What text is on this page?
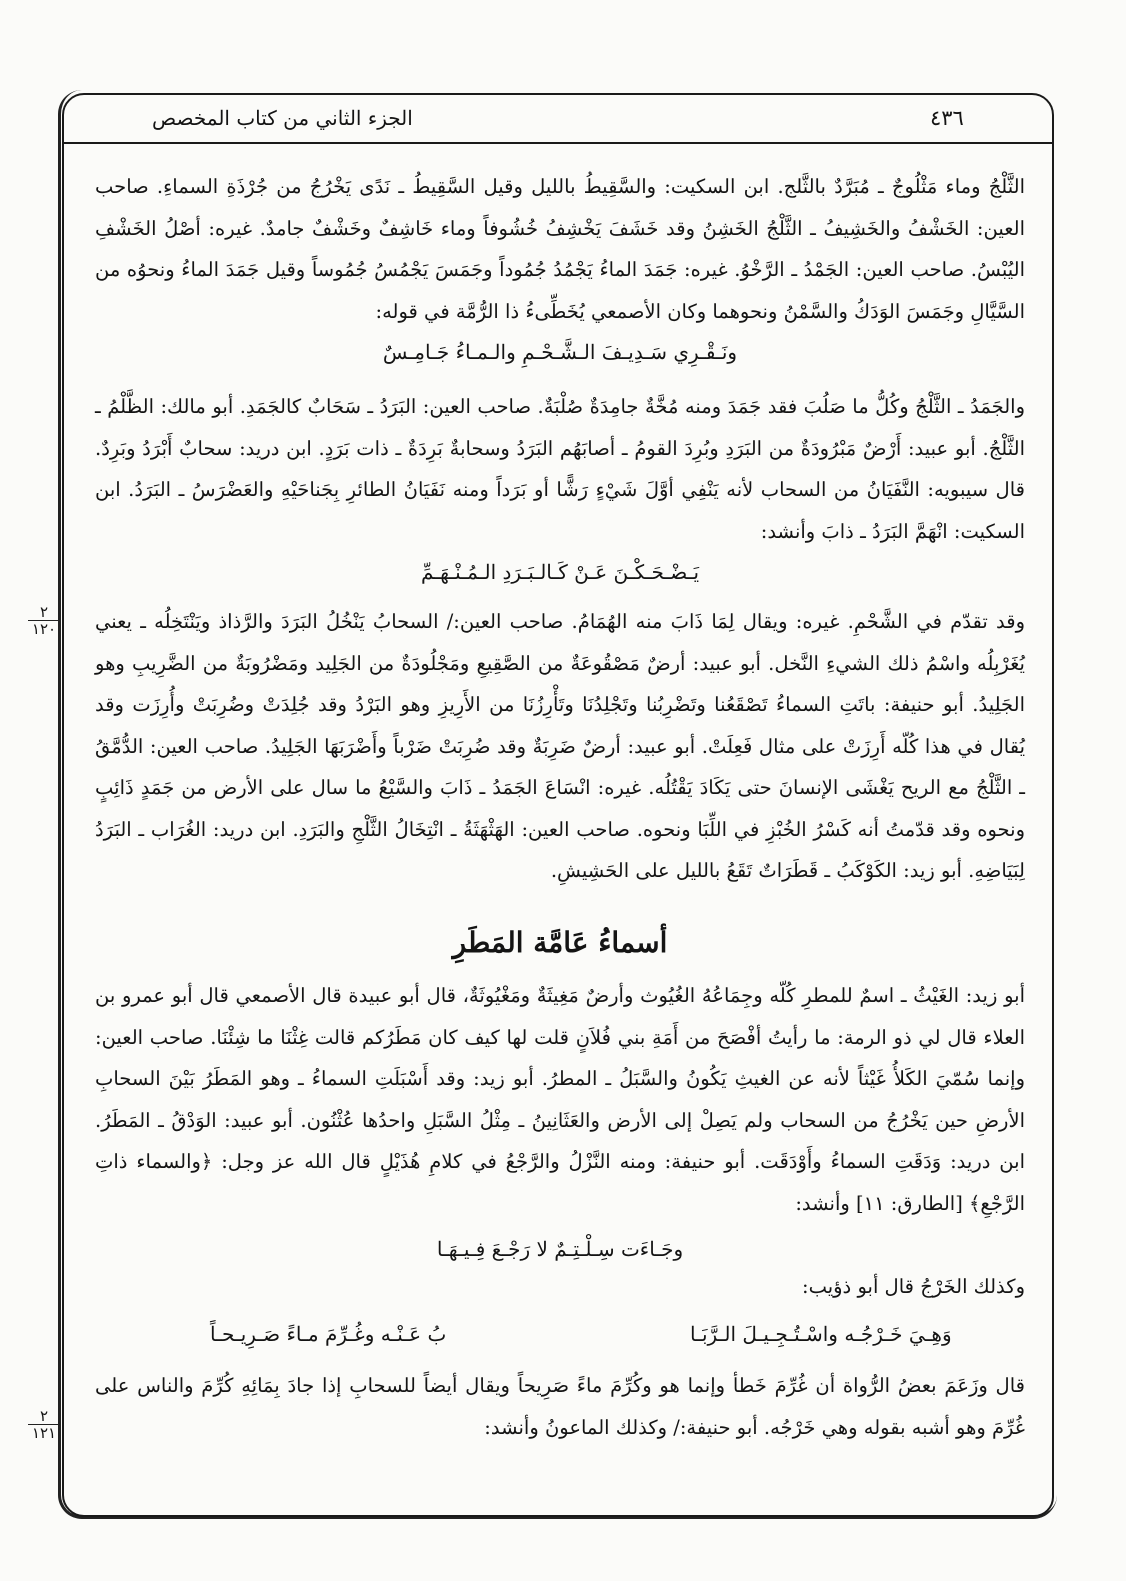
٤٣٦
الجزء الثاني من كتاب المخصص

الثَّلْجُ وماء مَثْلُوجٌ ـ مُبَرَّدٌ بالثَّلج. ابن السكيت: والسَّقِيطُ بالليل وقيل السَّقِيطُ ـ نَدًى يَخْرُجُ من جُرْذَةِ السماءِ. صاحب العين: الخَشْفُ والخَشِيفُ ـ الثَّلْجُ الخَشِنُ وقد خَشَفَ يَخْشِفُ خُشُوفاً وماء خَاشِفٌ وخَشْفٌ جامدٌ. غيره: أصْلُ الخَشْفِ اليُبْسُ. صاحب العين: الجَمْدُ ـ الرَّخْوُ. غيره: جَمَدَ الماءُ يَجْمُدُ جُمُوداً وجَمَسَ يَجْمُسُ جُمُوساً وقيل جَمَدَ الماءُ ونحوُه من السَّيَّالِ وجَمَسَ الوَدَكُ والسَّمْنُ ونحوهما وكان الأصمعي يُخَطِّىءُ ذا الرُّمَّة في قوله:

ونَـقْـرِي سَـدِيـفَ الـشَّـحْـمِ والـمـاءُ جَـامِـسٌ

والجَمَدُ ـ الثَّلْجُ وكُلُّ ما صَلُبَ فقد جَمَدَ ومنه مُخَّةٌ جامِدَةٌ صُلْبَةٌ. صاحب العين: البَرَدُ ـ سَحَابٌ كالجَمَدِ. أبو مالك: الظَّلْمُ ـ الثَّلْجُ. أبو عبيد: أَرْضٌ مَبْرُودَةٌ من البَرَدِ وبُرِدَ القومُ ـ أصابَهُم البَرَدُ وسحابةٌ بَرِدَةٌ ـ ذات بَرَدٍ. ابن دريد: سحابٌ أَبْرَدُ وبَرِدٌ. قال سيبويه: النَّفَيَانُ من السحاب لأنه يَنْفِي أوَّلَ شَيْءٍ رَشًّا أو بَرَداً ومنه نَفَيَانُ الطائرِ بِجَناحَيْهِ والعَضْرَسُ ـ البَرَدُ. ابن السكيت: انْهَمَّ البَرَدُ ـ ذابَ وأنشد:

يَـضْـحَـكْـنَ عَـنْ كَـالـبَـرَدِ الـمُـنْـهَـمِّ

وقد تقدّم في الشَّحْمِ. غيره: ويقال لِمَا ذَابَ منه الهُمَامُ. صاحب العين:/ السحابُ يَنْخُلُ البَرَدَ والرَّذاذ ويَنْتَخِلُه ـ يعني يُغَرْبِلُه واسْمُ ذلك الشيءِ النَّخل. أبو عبيد: أرضٌ مَصْقُوعَةٌ من الصَّقِيعِ ومَجْلُودَةٌ من الجَلِيد ومَضْرُوبَةٌ من الضَّرِيبِ وهو الجَلِيدُ. أبو حنيفة: باتَتِ السماءُ تَصْقَعُنا وتَضْرِبُنا وتَجْلِدُنَا وتَأْرِزُنَا من الأَرِيزِ وهو البَرْدُ وقد جُلِدَتْ وضُرِبَتْ وأُرِزَت وقد يُقال في هذا كُلّه أَرِزَتْ على مثال فَعِلَتْ. أبو عبيد: أرضٌ ضَرِبَةٌ وقد ضُرِبَتْ ضَرْباً وأَضْرَبَهَا الجَلِيدُ. صاحب العين: الدُّمَّقُ ـ الثَّلْجُ مع الريح يَغْشَى الإنسانَ حتى يَكَادَ يَقْتُلُه. غيره: انْسَاعَ الجَمَدُ ـ ذَابَ والسَّيْعُ ما سال على الأرض من جَمَدٍ ذَائِبٍ ونحوه وقد قدّمتُ أنه كَسْرُ الخُبْزِ في اللِّبَا ونحوه. صاحب العين: الهَثْهَثَةُ ـ انْتِخَالُ الثَّلْجِ والبَرَدِ. ابن دريد: الغُرَاب ـ البَرَدُ لِبَيَاضِهِ. أبو زيد: الكَوْكَبُ ـ قَطَرَاتٌ تَقَعُ بالليل على الحَشِيشِ.

أسماءُ عَامَّة المَطَرِ

أبو زيد: الغَيْثُ ـ اسمٌ للمطرِ كُلّه وجِمَاعُهُ الغُيُوث وأرضٌ مَغِيثَةٌ ومَغْيُوثَةٌ، قال أبو عبيدة قال الأصمعي قال أبو عمرو بن العلاء قال لي ذو الرمة: ما رأيتُ أفْصَحَ من أَمَةِ بني فُلاَنٍ قلت لها كيف كان مَطَرُكم قالت غِثْنَا ما شِئْنَا. صاحب العين: وإنما سُمّيَ الكَلأُ غَيْثاً لأنه عن الغيثِ يَكُونُ والسَّبَلُ ـ المطرُ. أبو زيد: وقد أَسْبَلَتِ السماءُ ـ وهو المَطَرُ بَيْنَ السحابِ الأرضِ حين يَخْرُجُ من السحاب ولم يَصِلْ إلى الأرض والعَثَانِينُ ـ مِثْلُ السَّبَلِ واحدُها عُثْنُون. أبو عبيد: الوَدْقُ ـ المَطَرُ. ابن دريد: وَدَقَتِ السماءُ وأَوْدَقَت. أبو حنيفة: ومنه النَّزْلُ والرَّجْعُ في كلامِ هُذَيْلٍ قال الله عز وجل: ﴿والسماء ذاتِ الرَّجْعِ﴾ [الطارق: ١١] وأنشد:

وجَـاءَت سِـلْـتِـمٌ لا رَجْـعَ فِـيـهَـا

وكذلك الخَرْجُ قال أبو ذؤيب:

وَهِـيَ خَـرْجُـه واسْـتُـجِـيـلَ الـرَّبَـا
بُ عَـنْـه وغُـرِّمَ مـاءً صَـرِيـحـاً

قال وزَعَمَ بعضُ الرُّواة أن غُرِّمَ خَطأ وإنما هو وكُرِّمَ ماءً صَرِيحاً ويقال أيضاً للسحابِ إذا جادَ بِمَائِهِ كُرِّمَ والناس على غُرِّمَ وهو أشبه بقوله وهي خَرْجُه. أبو حنيفة:/ وكذلك الماعونُ وأنشد:

٢
١٢٠
٢
١٢١
